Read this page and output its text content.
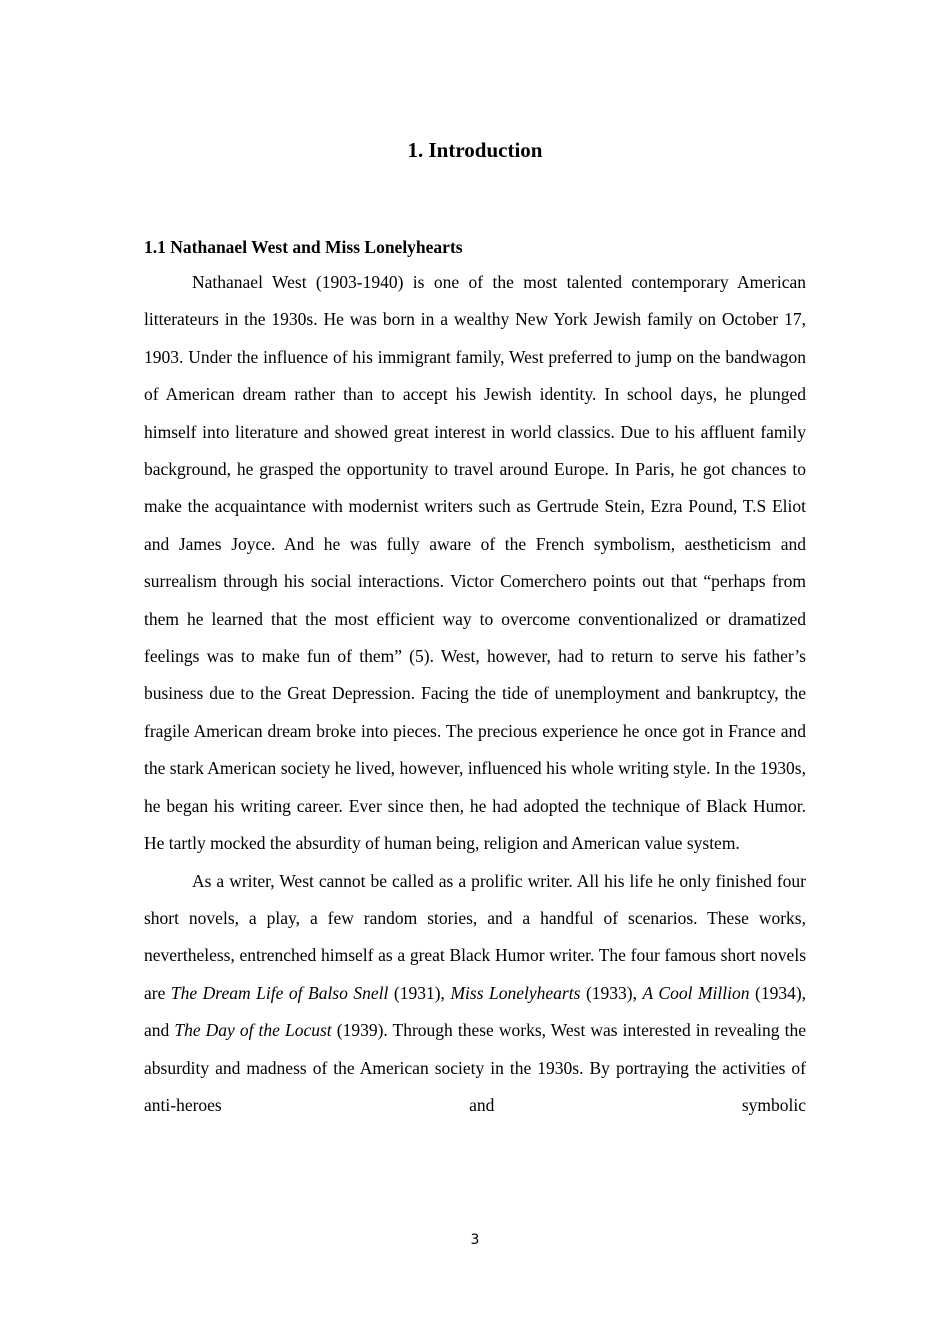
1. Introduction
1.1 Nathanael West and Miss Lonelyhearts

Nathanael West (1903-1940) is one of the most talented contemporary American litterateurs in the 1930s. He was born in a wealthy New York Jewish family on October 17, 1903. Under the influence of his immigrant family, West preferred to jump on the bandwagon of American dream rather than to accept his Jewish identity. In school days, he plunged himself into literature and showed great interest in world classics. Due to his affluent family background, he grasped the opportunity to travel around Europe. In Paris, he got chances to make the acquaintance with modernist writers such as Gertrude Stein, Ezra Pound, T.S Eliot and James Joyce. And he was fully aware of the French symbolism, aestheticism and surrealism through his social interactions. Victor Comerchero points out that “perhaps from them he learned that the most efficient way to overcome conventionalized or dramatized feelings was to make fun of them” (5). West, however, had to return to serve his father’s business due to the Great Depression. Facing the tide of unemployment and bankruptcy, the fragile American dream broke into pieces. The precious experience he once got in France and the stark American society he lived, however, influenced his whole writing style. In the 1930s, he began his writing career. Ever since then, he had adopted the technique of Black Humor. He tartly mocked the absurdity of human being, religion and American value system.

As a writer, West cannot be called as a prolific writer. All his life he only finished four short novels, a play, a few random stories, and a handful of scenarios. These works, nevertheless, entrenched himself as a great Black Humor writer. The four famous short novels are The Dream Life of Balso Snell (1931), Miss Lonelyhearts (1933), A Cool Million (1934), and The Day of the Locust (1939). Through these works, West was interested in revealing the absurdity and madness of the American society in the 1930s. By portraying the activities of anti-heroes and symbolic

3
